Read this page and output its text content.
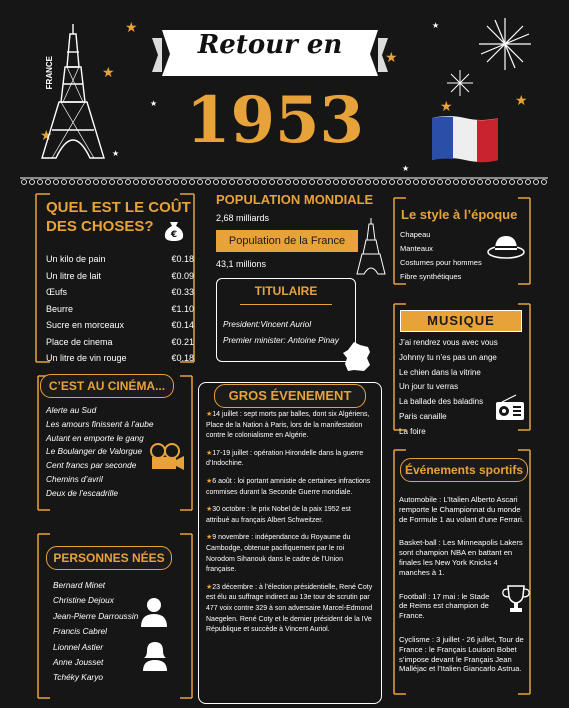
★
★
★
★
★
★
★
★
★
★
FRANCE
Retour en
1953
QUEL EST LE COÛT
DES CHOSES?	€
Un kilo de pain	€0.18
Un litre de lait	€0.09
Œufs	€0.33
Beurre	€1.10
Sucre en morceaux	€0.14
Place de cinema	€0.21
Un litre de vin rouge	€0.18
POPULATION MONDIALE
2,68 milliards
Population de la France
43,1 millions
Le style à l’époque
Chapeau
Manteaux
Costumes pour hommes
Fibre synthétiques
TITULAIRE
President:Vincent Auriol
Premier minister: Antoine Pinay
MUSIQUE
J’ai rendrez vous avec vous
Johnny tu n’es pas un ange
Le chien dans la vitrine
Un jour tu verras
La ballade des baladins
Paris canaille
La foire
C’EST AU CINÉMA...
Alerte au Sud
Les amours finissent à l’aube
Autant en emporte le gang
Le Boulanger de Valorgue
Cent francs par seconde
Chemins d’avril
Deux de l’escadrille
GROS ÉVENEMENT
★ 14 juillet : sept morts par balles, dont six Algériens, Place de la Nation à Paris, lors de la manifestation contre le colonialisme en Algérie.
★ 17-19 juillet : opération Hirondelle dans la guerre d’Indochine.
★ 6 août : loi portant amnistie de certaines infractions commises durant la Seconde Guerre mondiale.
★ 30 octobre : le prix Nobel de la paix 1952 est attribué au français Albert Schweitzer.
★ 9 novembre : indépendance du Royaume du Cambodge, obtenue pacifiquement par le roi Norodom Sihanouk dans le cadre de l’Union française.
★ 23 décembre : à l’élection présidentielle, René Coty est élu au suffrage indirect au 13e tour de scrutin par 477 voix contre 329 à son adversaire Marcel-Edmond Naegelen. René Coty et le dernier président de la IVe République et succède à Vincent Auriol.
Événements sportifs
Automobile : L’Italien Alberto Ascari remporte le Championnat du monde de Formule 1 au volant d’une Ferrari.
Basket-ball : Les Minneapolis Lakers sont champion NBA en battant en finales les New York Knicks 4 manches à 1.
Football : 17 mai : le Stade de Reims est champion de France.
Cyclisme : 3 juillet - 26 juillet, Tour de France : le Français Louison Bobet s’impose devant le Français Jean Malléjac et l’Italien Giancarlo Astrua.
PERSONNES NÉES
Bernard Minet
Christine Dejoux
Jean-Pierre Darroussin
Francis Cabrel
Lionnel Astier
Anne Jousset
Tchéky Karyo
